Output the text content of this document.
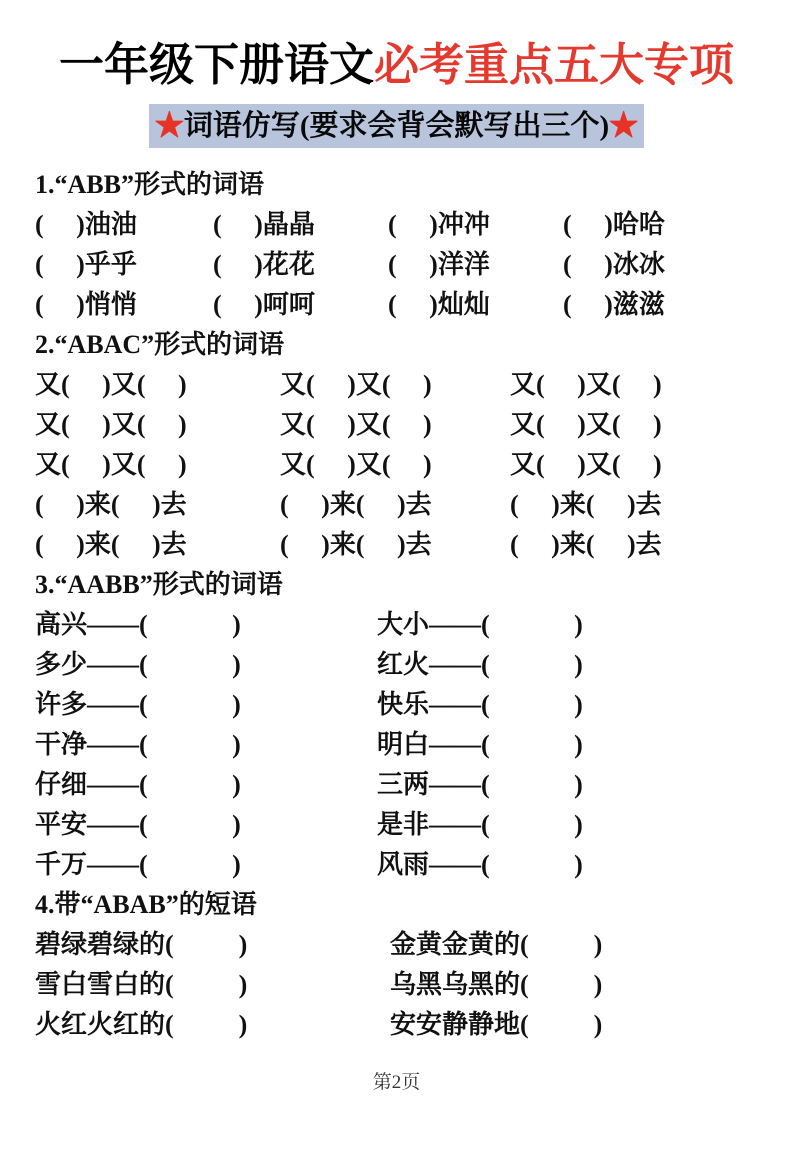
一年级下册语文必考重点五大专项
★词语仿写(要求会背会默写出三个)★
1.“ABB”形式的词语
(     )油油	(     )晶晶	(     )冲冲	(     )哈哈
(     )乎乎	(     )花花	(     )洋洋	(     )冰冰
(     )悄悄	(     )呵呵	(     )灿灿	(     )滋滋
2.“ABAC”形式的词语
又(     )又(     )	又(     )又(     )	又(     )又(     )
又(     )又(     )	又(     )又(     )	又(     )又(     )
又(     )又(     )	又(     )又(     )	又(     )又(     )
(     )来(     )去	(     )来(     )去	(     )来(     )去
(     )来(     )去	(     )来(     )去	(     )来(     )去
3.“AABB”形式的词语
高兴——(             )	大小——(             )
多少——(             )	红火——(             )
许多——(             )	快乐——(             )
干净——(             )	明白——(             )
仔细——(             )	三两——(             )
平安——(             )	是非——(             )
千万——(             )	风雨——(             )
4.带“ABAB”的短语
碧绿碧绿的(          )	金黄金黄的(          )
雪白雪白的(          )	乌黑乌黑的(          )
火红火红的(          )	安安静静地(          )
第2页
